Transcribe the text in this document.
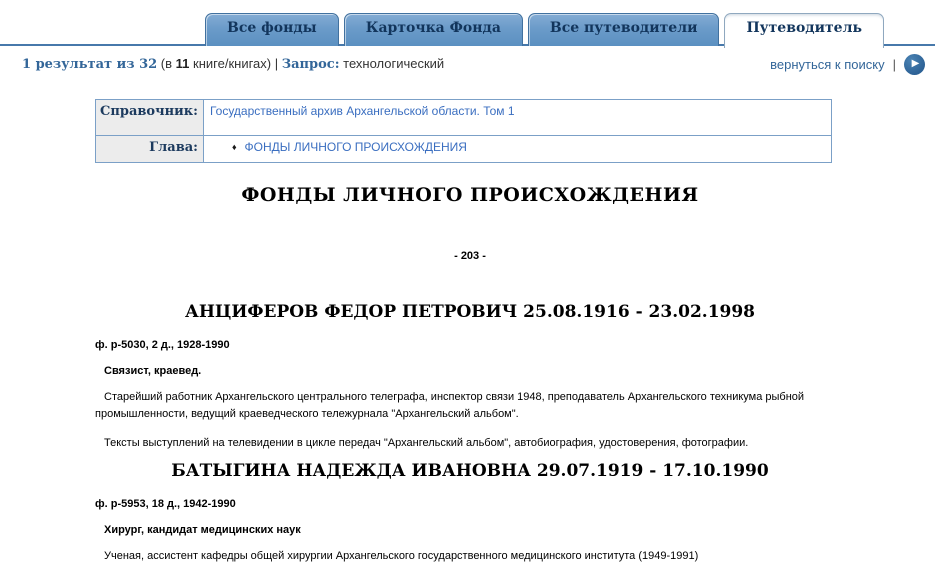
Все фонды	Карточка Фонда	Все путеводители	Путеводитель
1 результат из 32 (в 11 книге/книгах) | Запрос: технологический	вернуться к поиску | ▶
Справочник:	Государственный архив Архангельской области. Том 1
Глава:	♦ ФОНДЫ ЛИЧНОГО ПРОИСХОЖДЕНИЯ
ФОНДЫ ЛИЧНОГО ПРОИСХОЖДЕНИЯ
- 203 -
АНЦИФЕРОВ ФЕДОР ПЕТРОВИЧ 25.08.1916 - 23.02.1998
ф. р-5030, 2 д., 1928-1990
Связист, краевед.
Старейший работник Архангельского центрального телеграфа, инспектор связи 1948, преподаватель Архангельского техникума рыбной промышленности, ведущий краеведческого тележурнала "Архангельский альбом".
Тексты выступлений на телевидении в цикле передач "Архангельский альбом", автобиография, удостоверения, фотографии.
БАТЫГИНА НАДЕЖДА ИВАНОВНА 29.07.1919 - 17.10.1990
ф. р-5953, 18 д., 1942-1990
Хирург, кандидат медицинских наук
Ученая, ассистент кафедры общей хирургии Архангельского государственного медицинского института (1949-1991)
